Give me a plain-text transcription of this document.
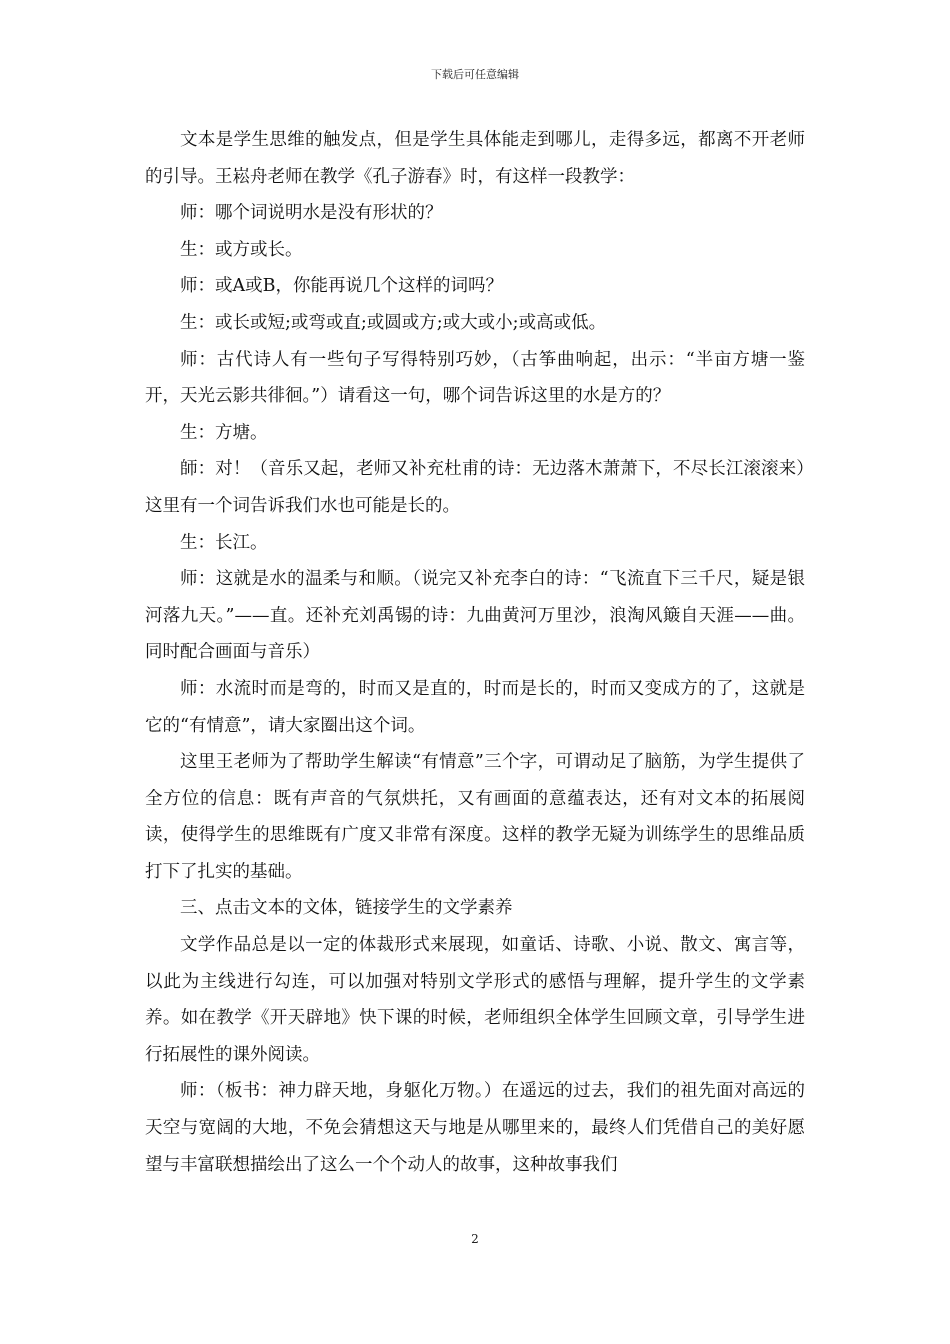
下载后可任意编辑

文本是学生思维的触发点，但是学生具体能走到哪儿，走得多远，都离不开老师的引导。王崧舟老师在教学《孔子游春》时，有这样一段教学：

师：哪个词说明水是没有形状的？

生：或方或长。

师：或A或B，你能再说几个这样的词吗？

生：或长或短;或弯或直;或圆或方;或大或小;或高或低。

师：古代诗人有一些句子写得特别巧妙，（古筝曲响起，出示：“半亩方塘一鉴开，天光云影共徘徊。”）请看这一句，哪个词告诉这里的水是方的？

生：方塘。

師：对！（音乐又起，老师又补充杜甫的诗：无边落木萧萧下，不尽长江滚滚来）这里有一个词告诉我们水也可能是长的。

生：长江。

师：这就是水的温柔与和顺。（说完又补充李白的诗：“飞流直下三千尺，疑是银河落九天。”——直。还补充刘禹锡的诗：九曲黄河万里沙，浪淘风簸自天涯——曲。同时配合画面与音乐）

师：水流时而是弯的，时而又是直的，时而是长的，时而又变成方的了，这就是它的“有情意”，请大家圈出这个词。

这里王老师为了帮助学生解读“有情意”三个字，可谓动足了脑筋，为学生提供了全方位的信息：既有声音的气氛烘托，又有画面的意蕴表达，还有对文本的拓展阅读，使得学生的思维既有广度又非常有深度。这样的教学无疑为训练学生的思维品质打下了扎实的基础。

三、点击文本的文体，链接学生的文学素养

文学作品总是以一定的体裁形式来展现，如童话、诗歌、小说、散文、寓言等，以此为主线进行勾连，可以加强对特别文学形式的感悟与理解，提升学生的文学素养。如在教学《开天辟地》快下课的时候，老师组织全体学生回顾文章，引导学生进行拓展性的课外阅读。

师：（板书：神力辟天地，身躯化万物。）在遥远的过去，我们的祖先面对高远的天空与宽阔的大地，不免会猜想这天与地是从哪里来的，最终人们凭借自己的美好愿望与丰富联想描绘出了这么一个个动人的故事，这种故事我们

2
